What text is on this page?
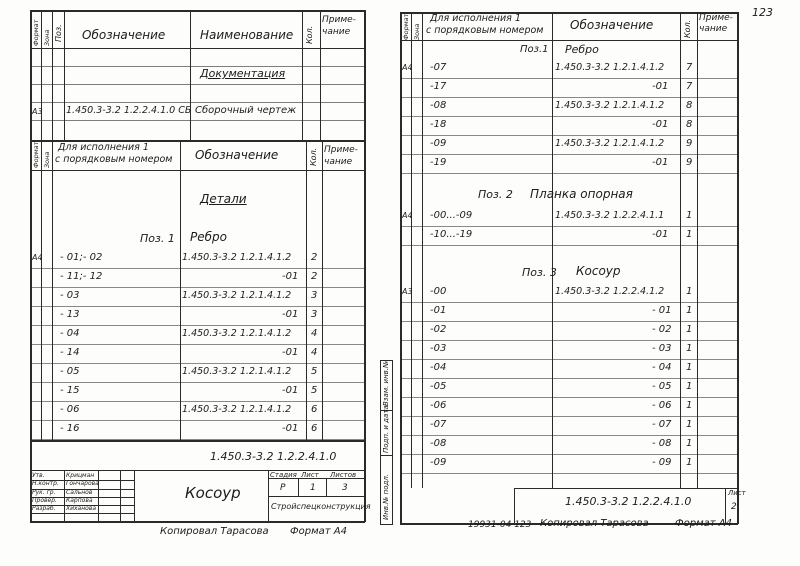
Формат Зона Поз. Обозначение	Наименование Кол.
Приме-
чание
Документация
А3 1.450.3-3.2 1.2.2.4.1.0 СБ Сборочный чертеж
Формат Зона
Для исполнения 1
с порядковым номером Обозначение	Кол. Приме-
чание
Детали
Поз. 1 Ребро
А4 - 01;- 02	1.450.3-3.2 1.2.1.4.1.2 2
- 11;- 12	-01 2
- 03	1.450.3-3.2 1.2.1.4.1.2 3
- 13	-01 3
- 04	1.450.3-3.2 1.2.1.4.1.2 4
- 14	-01 4
- 05	1.450.3-3.2 1.2.1.4.1.2 5
- 15	-01 5
- 06	1.450.3-3.2 1.2.1.4.1.2 6
- 16	-01 6
1.450.3-3.2 1.2.2.4.1.0
Косоур
Утв.	Крицман
Н.контр. Гончарова
Рук. гр. Сальнов
Провер. Карпова
Разраб. Хиханова
Стадия Лист Листов
Р	1	3
Стройспецконструкция
Копировал Тарасова Формат А4
Взам. инв.№
Подп. и дата
Инв.№ подл.
Формат Зона
Для исполнения 1
с порядковым номером Обозначение	Кол.
Приме-
чание
123
Поз.1 Ребро
Поз. 2 Планка опорная
Поз. 3 Косоур
А4 -07	1.450.3-3.2 1.2.1.4.1.2 7
-17	-01 7
-08	1.450.3-3.2 1.2.1.4.1.2 8
-18	-01 8
-09	1.450.3-3.2 1.2.1.4.1.2 9
-19	-01 9
А4 -00...-09	1.450.3-3.2 1.2.2.4.1.1 1
-10...-19	-01 1
А3 -00	1.450.3-3.2 1.2.2.4.1.2 1
-01	- 01 1
-02	- 02 1
-03	- 03 1
-04	- 04 1
-05	- 05 1
-06	- 06 1
-07	- 07 1
-08	- 08 1
-09	- 09 1
1.450.3-3.2 1.2.2.4.1.0
Лист
2
19931-04 123 Копировал Тарасова	Формат А4
